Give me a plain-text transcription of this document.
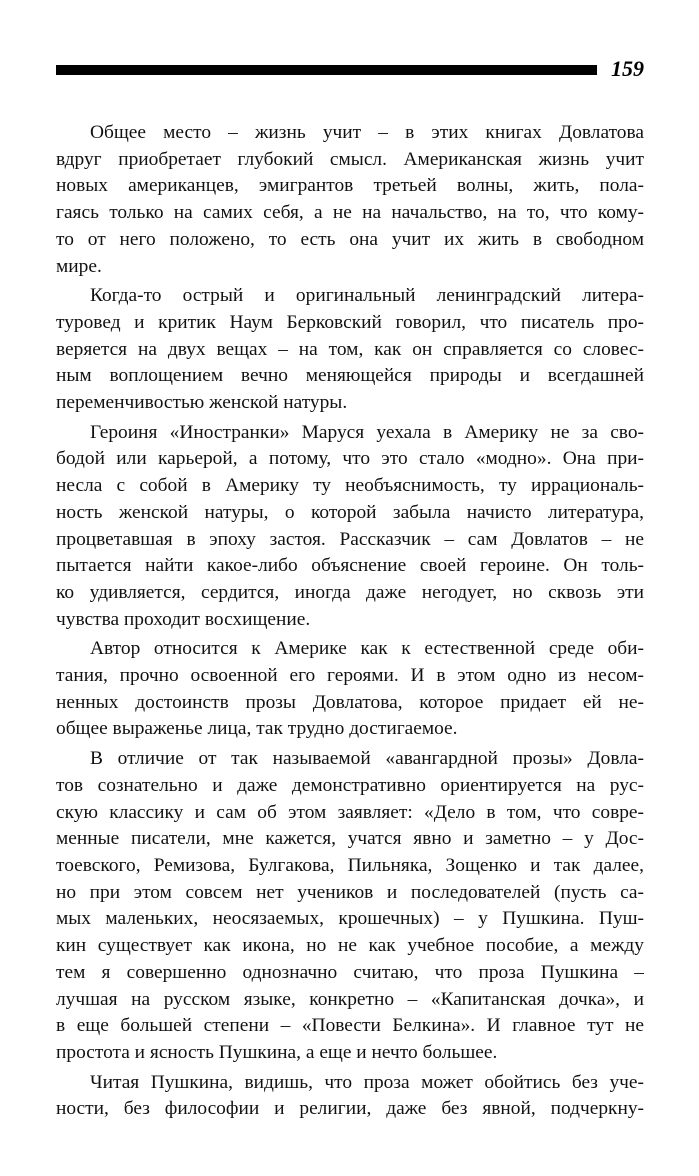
159
Общее место – жизнь учит – в этих книгах Довлатова
вдруг приобретает глубокий смысл. Американская жизнь учит
новых американцев, эмигрантов третьей волны, жить, пола-
гаясь только на самих себя, а не на начальство, на то, что кому-
то от него положено, то есть она учит их жить в свободном
мире.
Когда-то острый и оригинальный ленинградский литера-
туровед и критик Наум Берковский говорил, что писатель про-
веряется на двух вещах – на том, как он справляется со словес-
ным воплощением вечно меняющейся природы и всегдашней
переменчивостью женской натуры.
Героиня «Иностранки» Маруся уехала в Америку не за сво-
бодой или карьерой, а потому, что это стало «модно». Она при-
несла с собой в Америку ту необъяснимость, ту иррациональ-
ность женской натуры, о которой забыла начисто литература,
процветавшая в эпоху застоя. Рассказчик – сам Довлатов – не
пытается найти какое-либо объяснение своей героине. Он толь-
ко удивляется, сердится, иногда даже негодует, но сквозь эти
чувства проходит восхищение.
Автор относится к Америке как к естественной среде оби-
тания, прочно освоенной его героями. И в этом одно из несом-
ненных достоинств прозы Довлатова, которое придает ей не-
общее выраженье лица, так трудно достигаемое.
В отличие от так называемой «авангардной прозы» Довла-
тов сознательно и даже демонстративно ориентируется на рус-
скую классику и сам об этом заявляет: «Дело в том, что совре-
менные писатели, мне кажется, учатся явно и заметно – у Дос-
тоевского, Ремизова, Булгакова, Пильняка, Зощенко и так далее,
но при этом совсем нет учеников и последователей (пусть са-
мых маленьких, неосязаемых, крошечных) – у Пушкина. Пуш-
кин существует как икона, но не как учебное пособие, а между
тем я совершенно однозначно считаю, что проза Пушкина –
лучшая на русском языке, конкретно – «Капитанская дочка», и
в еще большей степени – «Повести Белкина». И главное тут не
простота и ясность Пушкина, а еще и нечто большее.
Читая Пушкина, видишь, что проза может обойтись без уче-
ности, без философии и религии, даже без явной, подчеркну-
